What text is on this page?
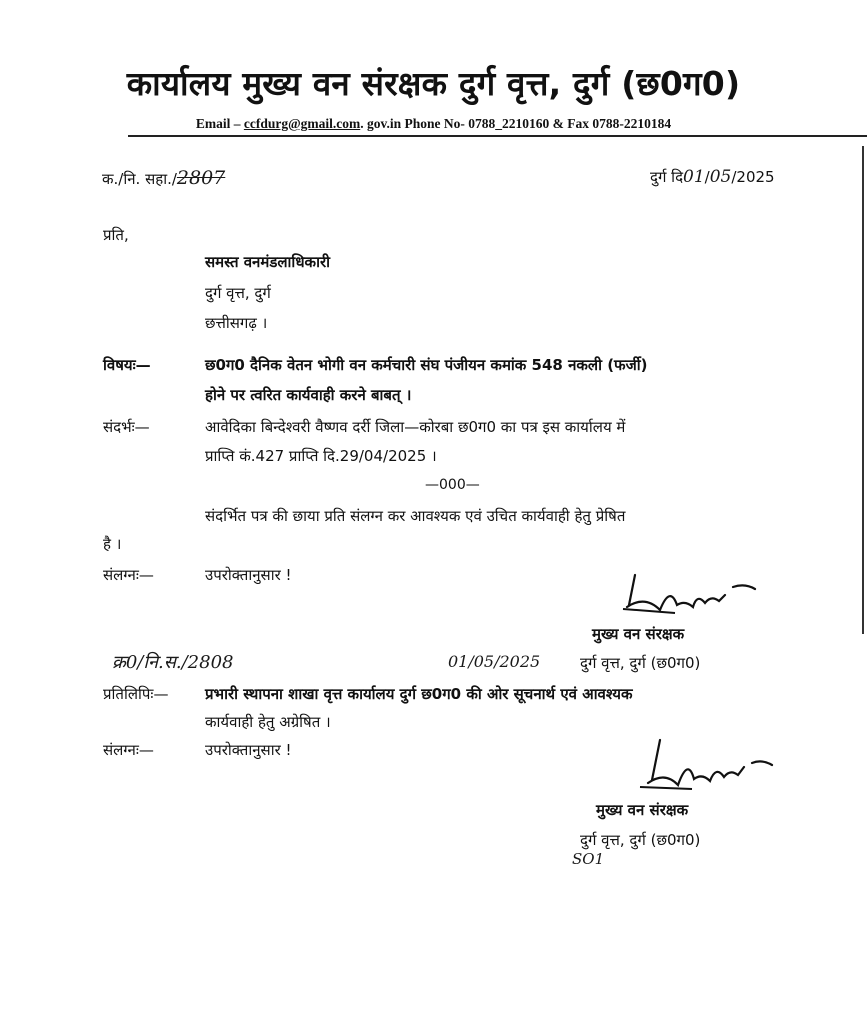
कार्यालय मुख्य वन संरक्षक दुर्ग वृत्त, दुर्ग (छ0ग0)
Email – ccfdurg@gmail.com. gov.in Phone No- 0788_2210160 & Fax 0788-2210184
क./नि. सहा./2807	दुर्ग दि01/05/2025
प्रति,
समस्त वनमंडलाधिकारी
दुर्ग वृत्त, दुर्ग
छत्तीसगढ़ ।
विषयः—	छ0ग0 दैनिक वेतन भोगी वन कर्मचारी संघ पंजीयन कमांक 548 नकली (फर्जी)
होने पर त्वरित कार्यवाही करने बाबत् ।
संदर्भः—	आवेदिका बिन्देश्वरी वैष्णव दर्री जिला—कोरबा छ0ग0 का पत्र इस कार्यालय में
प्राप्ति कं.427 प्राप्ति दि.29/04/2025 ।
—000—
संदर्भित पत्र की छाया प्रति संलग्न कर आवश्यक एवं उचित कार्यवाही हेतु प्रेषित
है ।
संलग्नः—	उपरोक्तानुसार !
मुख्य वन संरक्षक
दुर्ग वृत्त, दुर्ग (छ0ग0)
क्र0/नि.स./2808	01/05/2025
प्रतिलिपिः— प्रभारी स्थापना शाखा वृत्त कार्यालय दुर्ग छ0ग0 की ओर सूचनार्थ एवं आवश्यक
कार्यवाही हेतु अग्रेषित ।
संलग्नः—	उपरोक्तानुसार !
मुख्य वन संरक्षक
दुर्ग वृत्त, दुर्ग (छ0ग0)
SO1
